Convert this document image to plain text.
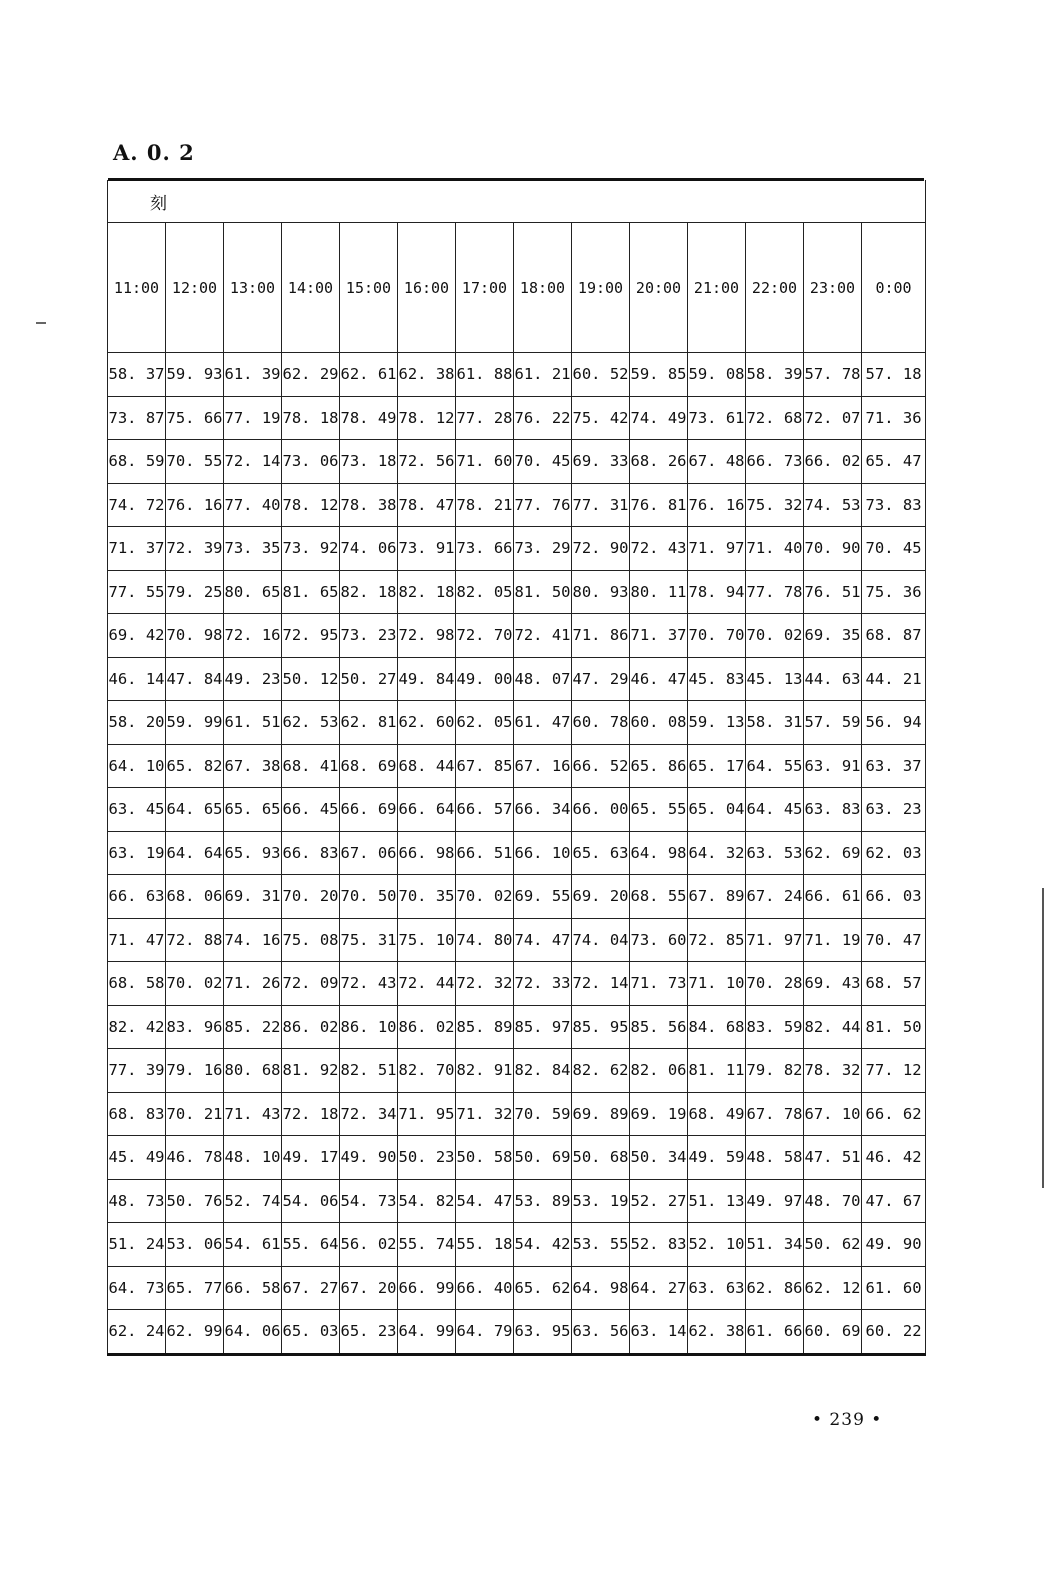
A. 0. 2
刻													
11:00	12:00	13:00	14:00	15:00	16:00	17:00	18:00	19:00	20:00	21:00	22:00	23:00	0:00
58. 37	59. 93	61. 39	62. 29	62. 61	62. 38	61. 88	61. 21	60. 52	59. 85	59. 08	58. 39	57. 78	57. 18
73. 87	75. 66	77. 19	78. 18	78. 49	78. 12	77. 28	76. 22	75. 42	74. 49	73. 61	72. 68	72. 07	71. 36
68. 59	70. 55	72. 14	73. 06	73. 18	72. 56	71. 60	70. 45	69. 33	68. 26	67. 48	66. 73	66. 02	65. 47
74. 72	76. 16	77. 40	78. 12	78. 38	78. 47	78. 21	77. 76	77. 31	76. 81	76. 16	75. 32	74. 53	73. 83
71. 37	72. 39	73. 35	73. 92	74. 06	73. 91	73. 66	73. 29	72. 90	72. 43	71. 97	71. 40	70. 90	70. 45
77. 55	79. 25	80. 65	81. 65	82. 18	82. 18	82. 05	81. 50	80. 93	80. 11	78. 94	77. 78	76. 51	75. 36
69. 42	70. 98	72. 16	72. 95	73. 23	72. 98	72. 70	72. 41	71. 86	71. 37	70. 70	70. 02	69. 35	68. 87
46. 14	47. 84	49. 23	50. 12	50. 27	49. 84	49. 00	48. 07	47. 29	46. 47	45. 83	45. 13	44. 63	44. 21
58. 20	59. 99	61. 51	62. 53	62. 81	62. 60	62. 05	61. 47	60. 78	60. 08	59. 13	58. 31	57. 59	56. 94
64. 10	65. 82	67. 38	68. 41	68. 69	68. 44	67. 85	67. 16	66. 52	65. 86	65. 17	64. 55	63. 91	63. 37
63. 45	64. 65	65. 65	66. 45	66. 69	66. 64	66. 57	66. 34	66. 00	65. 55	65. 04	64. 45	63. 83	63. 23
63. 19	64. 64	65. 93	66. 83	67. 06	66. 98	66. 51	66. 10	65. 63	64. 98	64. 32	63. 53	62. 69	62. 03
66. 63	68. 06	69. 31	70. 20	70. 50	70. 35	70. 02	69. 55	69. 20	68. 55	67. 89	67. 24	66. 61	66. 03
71. 47	72. 88	74. 16	75. 08	75. 31	75. 10	74. 80	74. 47	74. 04	73. 60	72. 85	71. 97	71. 19	70. 47
68. 58	70. 02	71. 26	72. 09	72. 43	72. 44	72. 32	72. 33	72. 14	71. 73	71. 10	70. 28	69. 43	68. 57
82. 42	83. 96	85. 22	86. 02	86. 10	86. 02	85. 89	85. 97	85. 95	85. 56	84. 68	83. 59	82. 44	81. 50
77. 39	79. 16	80. 68	81. 92	82. 51	82. 70	82. 91	82. 84	82. 62	82. 06	81. 11	79. 82	78. 32	77. 12
68. 83	70. 21	71. 43	72. 18	72. 34	71. 95	71. 32	70. 59	69. 89	69. 19	68. 49	67. 78	67. 10	66. 62
45. 49	46. 78	48. 10	49. 17	49. 90	50. 23	50. 58	50. 69	50. 68	50. 34	49. 59	48. 58	47. 51	46. 42
48. 73	50. 76	52. 74	54. 06	54. 73	54. 82	54. 47	53. 89	53. 19	52. 27	51. 13	49. 97	48. 70	47. 67
51. 24	53. 06	54. 61	55. 64	56. 02	55. 74	55. 18	54. 42	53. 55	52. 83	52. 10	51. 34	50. 62	49. 90
64. 73	65. 77	66. 58	67. 27	67. 20	66. 99	66. 40	65. 62	64. 98	64. 27	63. 63	62. 86	62. 12	61. 60
62. 24	62. 99	64. 06	65. 03	65. 23	64. 99	64. 79	63. 95	63. 56	63. 14	62. 38	61. 66	60. 69	60. 22
• 239 •
